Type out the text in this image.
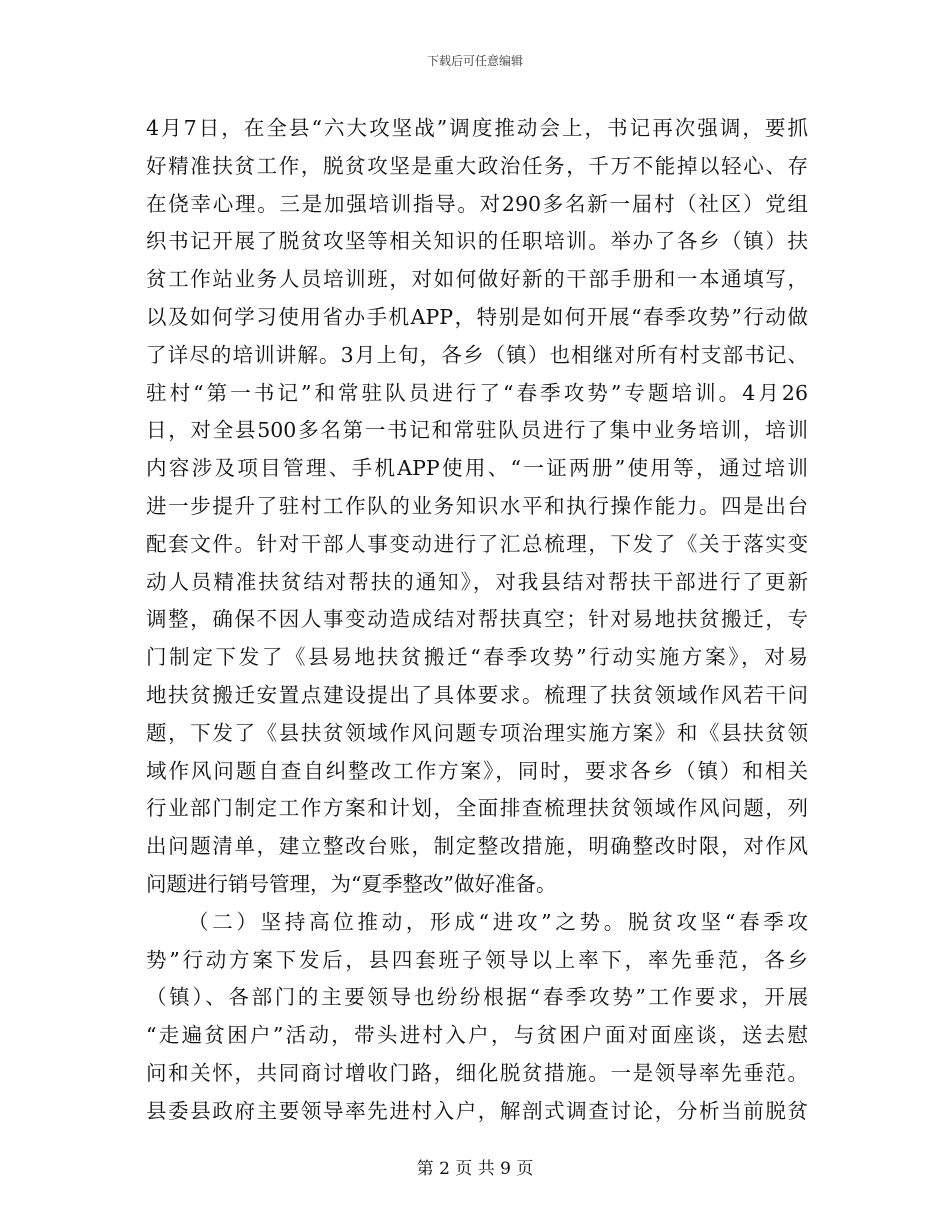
下载后可任意编辑
4月7日，在全县“六大攻坚战”调度推动会上，书记再次强调，要抓
好精准扶贫工作，脱贫攻坚是重大政治任务，千万不能掉以轻心、存
在侥幸心理。三是加强培训指导。对290多名新一届村（社区）党组
织书记开展了脱贫攻坚等相关知识的任职培训。举办了各乡（镇）扶
贫工作站业务人员培训班，对如何做好新的干部手册和一本通填写，
以及如何学习使用省办手机APP，特别是如何开展“春季攻势”行动做
了详尽的培训讲解。3月上旬，各乡（镇）也相继对所有村支部书记、
驻村“第一书记”和常驻队员进行了“春季攻势”专题培训。4月26
日，对全县500多名第一书记和常驻队员进行了集中业务培训，培训
内容涉及项目管理、手机APP使用、“一证两册”使用等，通过培训
进一步提升了驻村工作队的业务知识水平和执行操作能力。四是出台
配套文件。针对干部人事变动进行了汇总梳理，下发了《关于落实变
动人员精准扶贫结对帮扶的通知》，对我县结对帮扶干部进行了更新
调整，确保不因人事变动造成结对帮扶真空；针对易地扶贫搬迁，专
门制定下发了《县易地扶贫搬迁“春季攻势”行动实施方案》，对易
地扶贫搬迁安置点建设提出了具体要求。梳理了扶贫领域作风若干问
题，下发了《县扶贫领域作风问题专项治理实施方案》和《县扶贫领
域作风问题自查自纠整改工作方案》，同时，要求各乡（镇）和相关
行业部门制定工作方案和计划，全面排查梳理扶贫领域作风问题，列
出问题清单，建立整改台账，制定整改措施，明确整改时限，对作风
问题进行销号管理，为“夏季整改”做好准备。
（二）坚持高位推动，形成“进攻”之势。脱贫攻坚“春季攻
势”行动方案下发后，县四套班子领导以上率下，率先垂范，各乡
（镇）、各部门的主要领导也纷纷根据“春季攻势”工作要求，开展
“走遍贫困户”活动，带头进村入户，与贫困户面对面座谈，送去慰
问和关怀，共同商讨增收门路，细化脱贫措施。一是领导率先垂范。
县委县政府主要领导率先进村入户，解剖式调查讨论，分析当前脱贫
第 2 页 共 9 页
